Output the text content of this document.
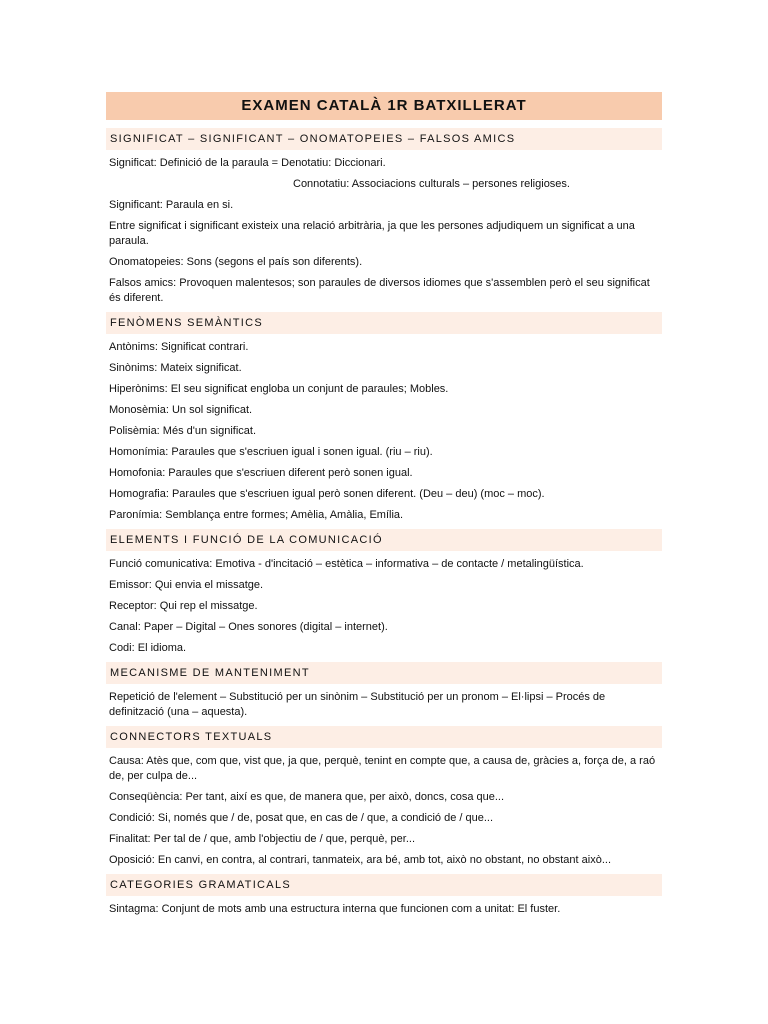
EXAMEN CATALÀ 1R BATXILLERAT
SIGNIFICAT – SIGNIFICANT – ONOMATOPEIES – FALSOS AMICS
Significat: Definició de la paraula = Denotatiu: Diccionari.
Connotatiu: Associacions culturals – persones religioses.
Significant: Paraula en si.
Entre significat i significant existeix una relació arbitrària, ja que les persones adjudiquem un significat a una paraula.
Onomatopeies: Sons (segons el país son diferents).
Falsos amics: Provoquen malentesos; son paraules de diversos idiomes que s'assemblen però el seu significat és diferent.
FENÒMENS SEMÀNTICS
Antònims: Significat contrari.
Sinònims: Mateix significat.
Hiperònims: El seu significat engloba un conjunt de paraules; Mobles.
Monosèmia: Un sol significat.
Polisèmia: Més d'un significat.
Homonímia: Paraules que s'escriuen igual i sonen igual. (riu – riu).
Homofonia: Paraules que s'escriuen diferent però sonen igual.
Homografia: Paraules que s'escriuen igual però sonen diferent. (Deu – deu) (moc – moc).
Paronímia: Semblança entre formes; Amèlia, Amàlia, Emília.
ELEMENTS I FUNCIÓ DE LA COMUNICACIÓ
Funció comunicativa: Emotiva - d'incitació – estètica – informativa – de contacte / metalingüística.
Emissor: Qui envia el missatge.
Receptor: Qui rep el missatge.
Canal: Paper – Digital – Ones sonores (digital – internet).
Codi: El idioma.
MECANISME DE MANTENIMENT
Repetició de l'element – Substitució per un sinònim – Substitució per un pronom – El·lipsi – Procés de definització (una – aquesta).
CONNECTORS TEXTUALS
Causa: Atès que, com que, vist que, ja que, perquè, tenint en compte que, a causa de, gràcies a, força de, a raó de, per culpa de...
Conseqüència: Per tant, així es que, de manera que, per això, doncs, cosa que...
Condició: Si, només que / de, posat que, en cas de / que, a condició de / que...
Finalitat: Per tal de / que, amb l'objectiu de / que, perquè, per...
Oposició: En canvi, en contra, al contrari, tanmateix, ara bé, amb tot, això no obstant, no obstant això...
CATEGORIES GRAMATICALS
Sintagma: Conjunt de mots amb una estructura interna que funcionen com a unitat: El fuster.
